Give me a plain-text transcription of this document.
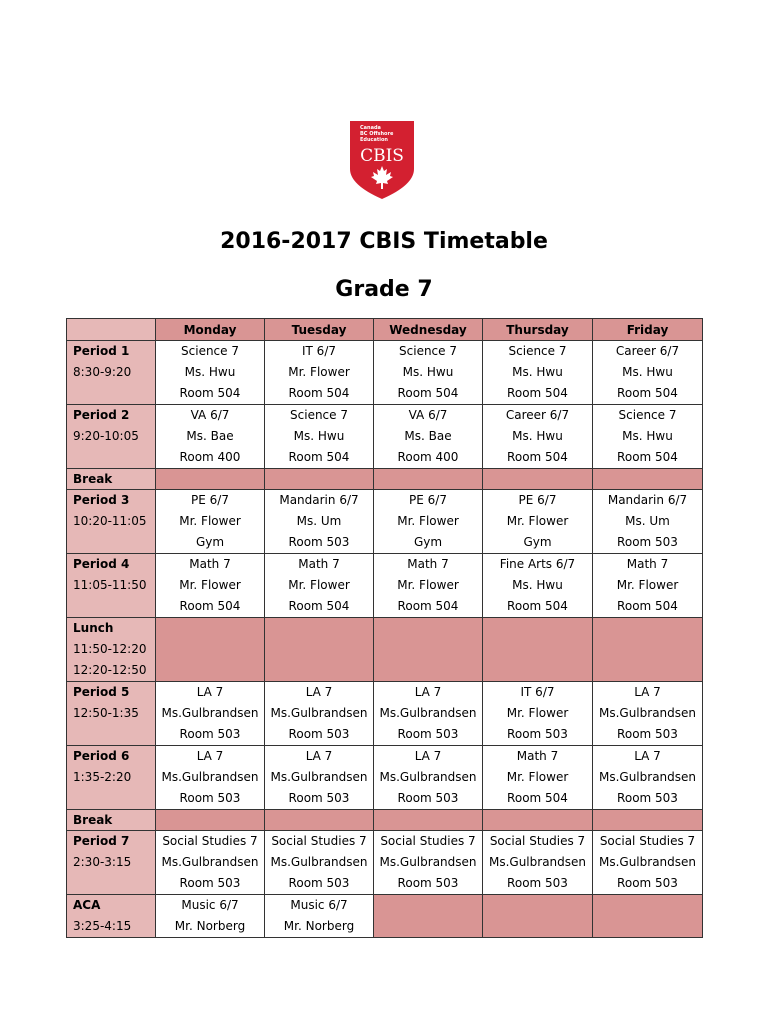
Canada
BC Offshore
Education
CBIS
2016-2017 CBIS Timetable
Grade 7
	Monday	Tuesday	Wednesday	Thursday	Friday

Period 1
8:30-9:20	Science 7
Ms. Hwu
Room 504	IT 6/7
Mr. Flower
Room 504	Science 7
Ms. Hwu
Room 504	Science 7
Ms. Hwu
Room 504	Career 6/7
Ms. Hwu
Room 504

Period 2
9:20-10:05	VA 6/7
Ms. Bae
Room 400	Science 7
Ms. Hwu
Room 504	VA 6/7
Ms. Bae
Room 400	Career 6/7
Ms. Hwu
Room 504	Science 7
Ms. Hwu
Room 504

Break					

Period 3
10:20-11:05	PE 6/7
Mr. Flower
Gym	Mandarin 6/7
Ms. Um
Room 503	PE 6/7
Mr. Flower
Gym	PE 6/7
Mr. Flower
Gym	Mandarin 6/7
Ms. Um
Room 503

Period 4
11:05-11:50	Math 7
Mr. Flower
Room 504	Math 7
Mr. Flower
Room 504	Math 7
Mr. Flower
Room 504	Fine Arts 6/7
Ms. Hwu
Room 504	Math 7
Mr. Flower
Room 504

Lunch
11:50-12:20
12:20-12:50					

Period 5
12:50-1:35	LA 7
Ms.Gulbrandsen
Room 503	LA 7
Ms.Gulbrandsen
Room 503	LA 7
Ms.Gulbrandsen
Room 503	IT 6/7
Mr. Flower
Room 503	LA 7
Ms.Gulbrandsen
Room 503

Period 6
1:35-2:20	LA 7
Ms.Gulbrandsen
Room 503	LA 7
Ms.Gulbrandsen
Room 503	LA 7
Ms.Gulbrandsen
Room 503	Math 7
Mr. Flower
Room 504	LA 7
Ms.Gulbrandsen
Room 503

Break					

Period 7
2:30-3:15	Social Studies 7
Ms.Gulbrandsen
Room 503	Social Studies 7
Ms.Gulbrandsen
Room 503	Social Studies 7
Ms.Gulbrandsen
Room 503	Social Studies 7
Ms.Gulbrandsen
Room 503	Social Studies 7
Ms.Gulbrandsen
Room 503

ACA
3:25-4:15	Music 6/7
Mr. Norberg	Music 6/7
Mr. Norberg			
